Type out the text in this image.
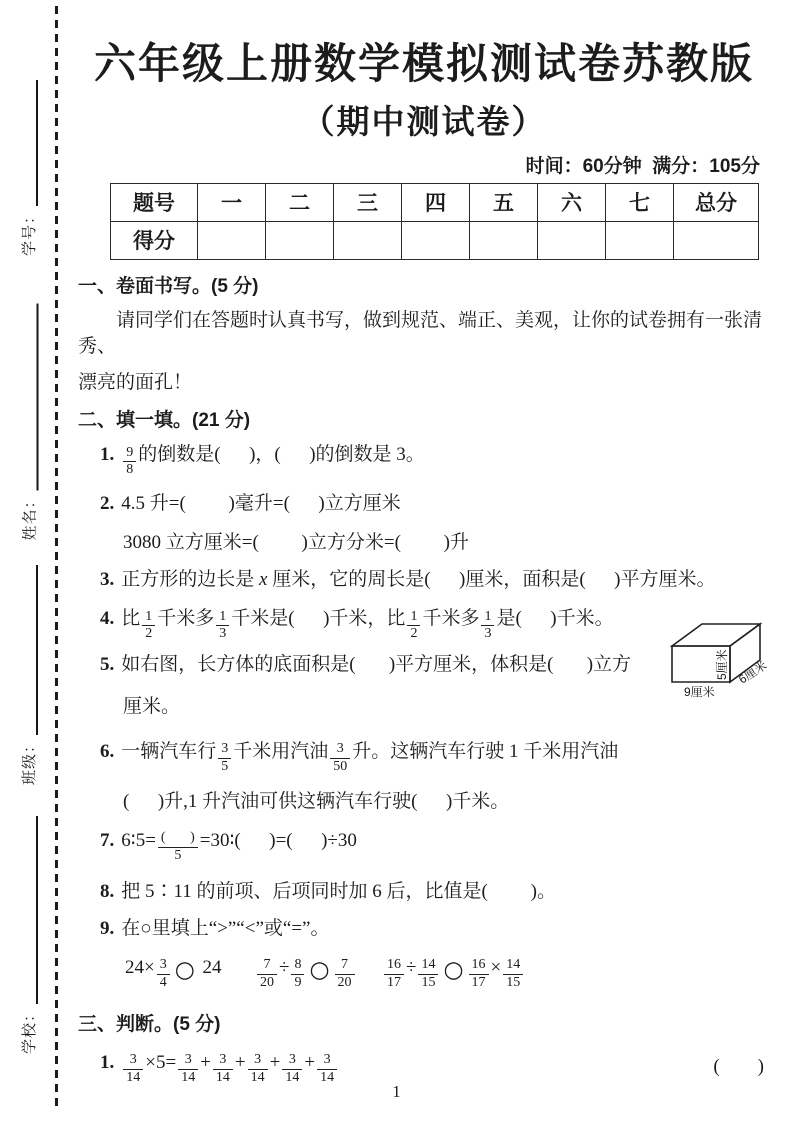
学号：
姓名：
班级：
学校：
六年级上册数学模拟测试卷苏教版
（期中测试卷）
时间：60分钟  满分：105分
题号	一	二	三	四	五	六	七	总分
得分								
一、卷面书写。(5 分)
请同学们在答题时认真书写，做到规范、端正、美观，让你的试卷拥有一张清秀、
漂亮的面孔！
二、填一填。(21 分)
1. $\frac{9}{8}$ 的倒数是(      )，(      )的倒数是 3。
2. 4.5 升=(         )毫升=(      )立方厘米
3080 立方厘米=(         )立方分米=(         )升
3. 正方形的边长是 x 厘米，它的周长是(      )厘米，面积是(      )平方厘米。
4. 比 $\frac{1}{2}$ 千米多 $\frac{1}{3}$ 千米是(      )千米，比 $\frac{1}{2}$ 千米多 $\frac{1}{3}$ 是(      )千米。
5. 如右图，长方体的底面积是(       )平方厘米，体积是(       )立方
厘米。
6. 一辆汽车行 $\frac{3}{5}$ 千米用汽油 $\frac{3}{50}$ 升。这辆汽车行驶 1 千米用汽油
(      )升,1 升汽油可供这辆汽车行驶(      )千米。
7. 6∶5= $\frac{( )}{5}$ =30∶(      )=(      )÷30
8. 把 5∶11 的前项、后项同时加 6 后，比值是(         )。
9. 在○里填上“>”“<”或“=”。
$24\times \frac{3}{4}$ ○ 24	$\frac{7}{20} \div \frac{8}{9}$ ○ $\frac{7}{20} \frac{16}{17} \div \frac{14}{15}$ ○ $\frac{16}{17} \times \frac{14}{15}$
三、判断。(5 分)
1. $\frac{3}{14} \times 5= \frac{3}{14} + \frac{3}{14} + \frac{3}{14} + \frac{3}{14} + \frac{3}{14}$	(        )
9厘米
6厘米
5厘米
1
